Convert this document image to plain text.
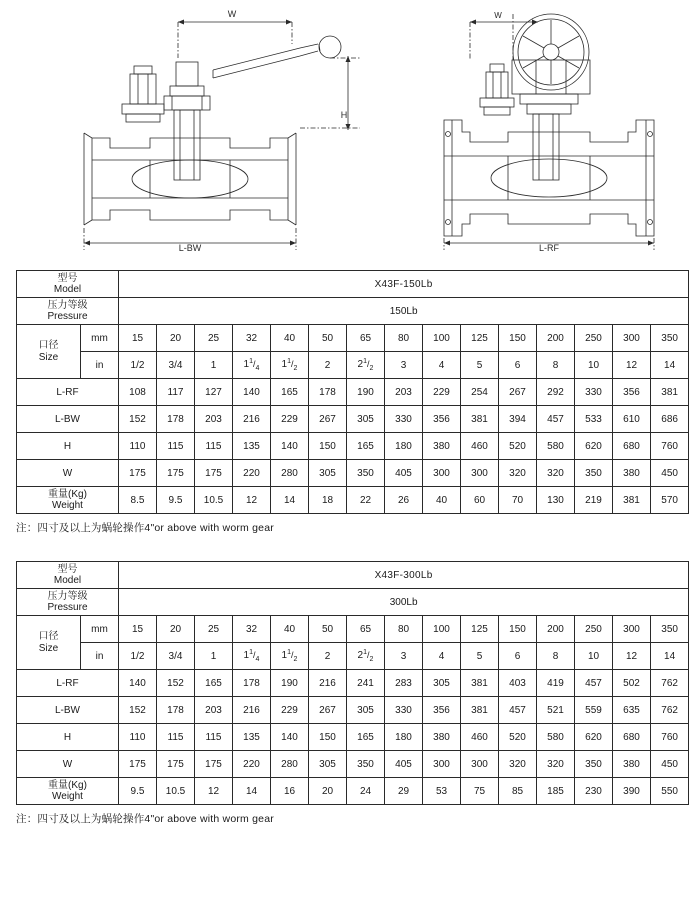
W
H
L-BW
W
L-RF
型号
Model		X43F-150Lb														

压力等级
Pressure		150Lb														

口径
Size	mm	15	20	25	32	40	50	65	80	100	125	150	200	250	300	350
	in	1/2	3/4	1	$1^1/_4$	$1^1/_2$	2	$2^1/_2$	3	4	5	6	8	10	12	14
L-RF		108	117	127	140	165	178	190	203	229	254	267	292	330	356	381
L-BW		152	178	203	216	229	267	305	330	356	381	394	457	533	610	686
H		110	115	115	135	140	150	165	180	380	460	520	580	620	680	760
W		175	175	175	220	280	305	350	405	300	300	320	320	350	380	450

重量(Kg)
Weight		8.5	9.5	10.5	12	14	18	22	26	40	60	70	130	219	381	570
注：四寸及以上为蜗轮操作4"or above with worm gear
型号
Model		X43F-300Lb														

压力等级
Pressure		300Lb														

口径
Size	mm	15	20	25	32	40	50	65	80	100	125	150	200	250	300	350
	in	1/2	3/4	1	$1^1/_4$	$1^1/_2$	2	$2^1/_2$	3	4	5	6	8	10	12	14
L-RF		140	152	165	178	190	216	241	283	305	381	403	419	457	502	762
L-BW		152	178	203	216	229	267	305	330	356	381	457	521	559	635	762
H		110	115	115	135	140	150	165	180	380	460	520	580	620	680	760
W		175	175	175	220	280	305	350	405	300	300	320	320	350	380	450

重量(Kg)
Weight		9.5	10.5	12	14	16	20	24	29	53	75	85	185	230	390	550
注：四寸及以上为蜗轮操作4"or above with worm gear
